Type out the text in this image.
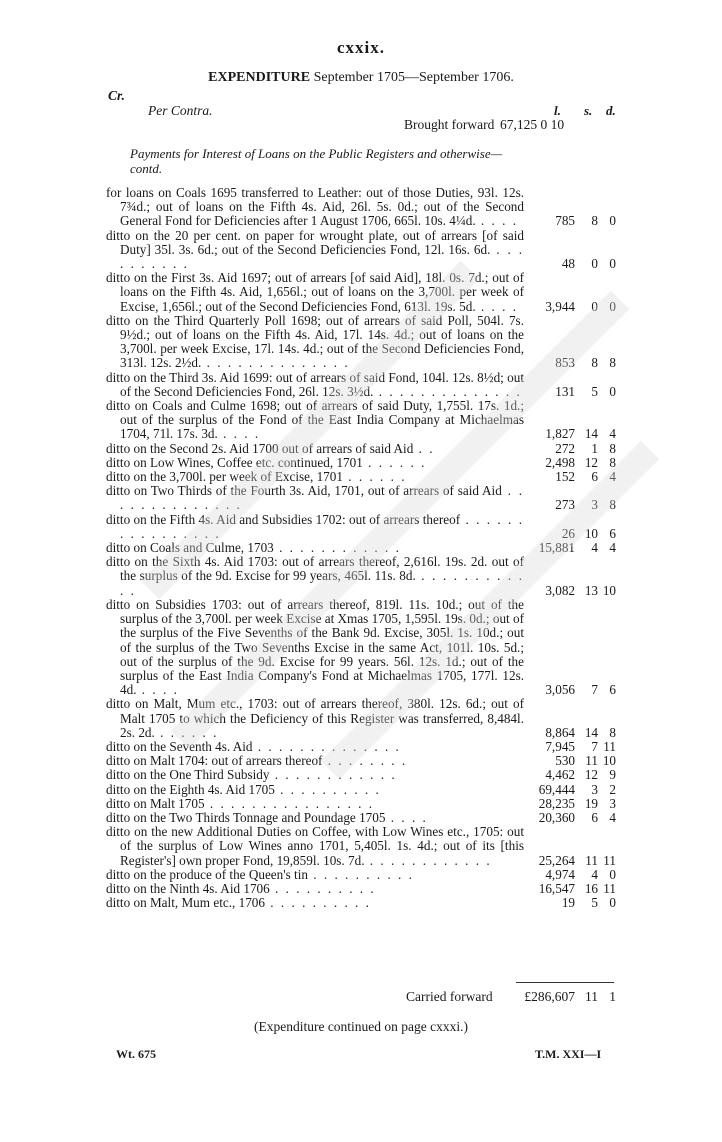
cxxix.
EXPENDITURE September 1705—September 1706.
Cr.
Per Contra.	l. s. d.
Brought forward 67,125 0 10
Payments for Interest of Loans on the Public Registers and otherwise—contd.
for loans on Coals 1695 transferred to Leather: out of those Duties, 93l. 12s. 7¾d.; out of loans on the Fifth 4s. Aid, 26l. 5s. 0d.; out of the Second General Fond for Deficiencies after 1 August 1706, 665l. 10s. 4¼d. . . . .	785	8 0
ditto on the 20 per cent. on paper for wrought plate, out of arrears [of said Duty] 35l. 3s. 6d.; out of the Second Deficiencies Fond, 12l. 16s. 6d. . . . . . . . . . .	48	0 0
ditto on the First 3s. Aid 1697; out of arrears [of said Aid], 18l. 0s. 7d.; out of loans on the Fifth 4s. Aid, 1,656l.; out of loans on the 3,700l. per week of Excise, 1,656l.; out of the Second Deficiencies Fond, 613l. 19s. 5d. . . . .	3,944	0 0
ditto on the Third Quarterly Poll 1698; out of arrears of said Poll, 504l. 7s. 9½d.; out of loans on the Fifth 4s. Aid, 17l. 14s. 4d.; out of loans on the 3,700l. per week Excise, 17l. 14s. 4d.; out of the Second Deficiencies Fond, 313l. 12s. 2½d. . . . . . . . . . . . . . .	853	8 8
ditto on the Third 3s. Aid 1699: out of arrears of said Fond, 104l. 12s. 8½d; out of the Second Deficiencies Fond, 26l. 12s. 3½d. . . . . . . . . . . . . . .	131	5 0
ditto on Coals and Culme 1698; out of arrears of said Duty, 1,755l. 17s. 1d.; out of the surplus of the Fond of the East India Company at Michaelmas 1704, 71l. 17s. 3d. . . . .	1,827 14 4
ditto on the Second 2s. Aid 1700 out of arrears of said Aid . .	272	1 8
ditto on Low Wines, Coffee etc. continued, 1701 . . . . . .	2,498 12 8
ditto on the 3,700l. per week of Excise, 1701 . . . . . .	152	6 4
ditto on Two Thirds of the Fourth 3s. Aid, 1701, out of arrears of said Aid . . . . . . . . . . . . . .	273	3 8
ditto on the Fifth 4s. Aid and Subsidies 1702: out of arrears thereof . . . . . . . . . . . . . . . .	26 10 6
ditto on Coals and Culme, 1703 . . . . . . . . . . . .	15,881	4 4
ditto on the Sixth 4s. Aid 1703: out of arrears thereof, 2,616l. 19s. 2d. out of the surplus of the 9d. Excise for 99 years, 465l. 11s. 8d. . . . . . . . . . . . .	3,082 13 10
ditto on Subsidies 1703: out of arrears thereof, 819l. 11s. 10d.; out of the surplus of the 3,700l. per week Excise at Xmas 1705, 1,595l. 19s. 0d.; out of the surplus of the Five Sevenths of the Bank 9d. Excise, 305l. 1s. 10d.; out of the surplus of the Two Sevenths Excise in the same Act, 101l. 10s. 5d.; out of the surplus of the 9d. Excise for 99 years. 56l. 12s. 1d.; out of the surplus of the East India Company's Fond at Michaelmas 1705, 177l. 12s. 4d. . . . .	3,056	7 6
ditto on Malt, Mum etc., 1703: out of arrears thereof, 380l. 12s. 6d.; out of Malt 1705 to which the Deficiency of this Register was transferred, 8,484l. 2s. 2d. . . . . . .	8,864 14 8
ditto on the Seventh 4s. Aid . . . . . . . . . . . . . .	7,945	7 11
ditto on Malt 1704: out of arrears thereof . . . . . . . .	530 11 10
ditto on the One Third Subsidy . . . . . . . . . . . .	4,462 12 9
ditto on the Eighth 4s. Aid 1705 . . . . . . . . . .	69,444	3 2
ditto on Malt 1705 . . . . . . . . . . . . . . . .	28,235 19 3
ditto on the Two Thirds Tonnage and Poundage 1705 . . . .	20,360	6 4
ditto on the new Additional Duties on Coffee, with Low Wines etc., 1705: out of the surplus of Low Wines anno 1701, 5,405l. 1s. 4d.; out of its [this Register's] own proper Fond, 19,859l. 10s. 7d. . . . . . . . . . . . .	25,264 11 11
ditto on the produce of the Queen's tin . . . . . . . . . .	4,974	4 0
ditto on the Ninth 4s. Aid 1706 . . . . . . . . . .	16,547 16 11
ditto on Malt, Mum etc., 1706 . . . . . . . . . .	19	5 0
Carried forward	£286,607 11 1
(Expenditure continued on page cxxxi.)
Wt. 675	T.M. XXI—I
